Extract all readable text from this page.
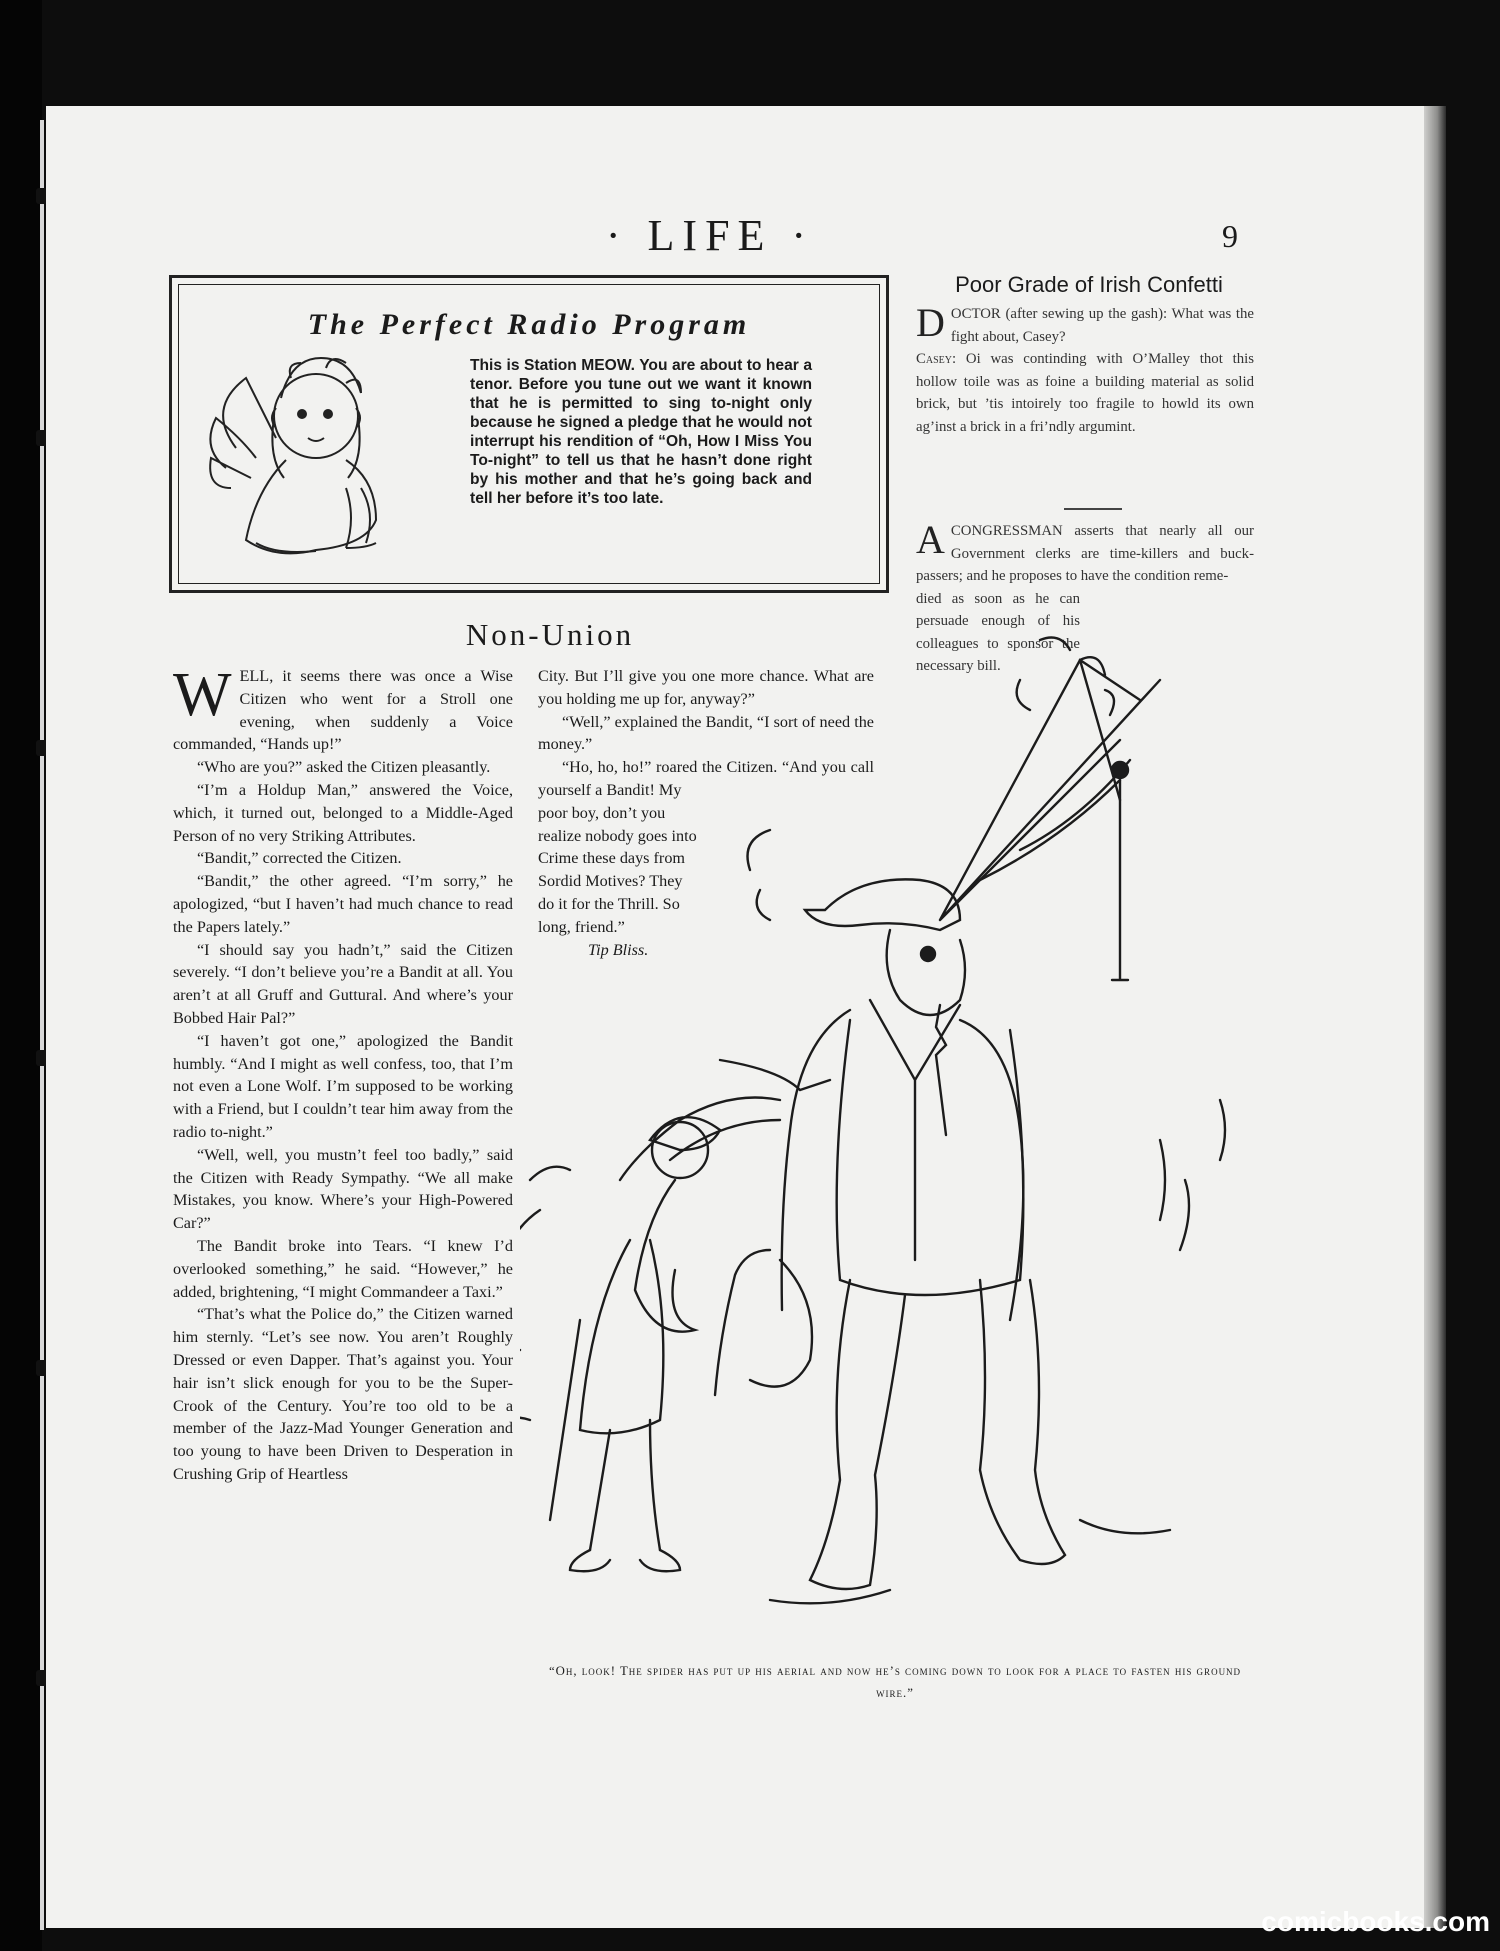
· LIFE ·	9
The Perfect Radio Program
This is Station MEOW. You are about to hear a tenor. Before you tune out we want it known that he is permitted to sing to-night only because he signed a pledge that he would not interrupt his rendition of “Oh, How I Miss You To-night” to tell us that he hasn’t done right by his mother and that he’s going back and tell her before it’s too late.
Non-Union

WELL, it seems there was once a Wise Citizen who went for a Stroll one evening, when suddenly a Voice commanded, “Hands up!”

“Who are you?” asked the Citizen pleasantly.

“I’m a Holdup Man,” answered the Voice, which, it turned out, belonged to a Middle-Aged Person of no very Striking Attributes.

“Bandit,” corrected the Citizen.

“Bandit,” the other agreed. “I’m sorry,” he apologized, “but I haven’t had much chance to read the Papers lately.”

“I should say you hadn’t,” said the Citizen severely. “I don’t believe you’re a Bandit at all. You aren’t at all Gruff and Guttural. And where’s your Bobbed Hair Pal?”

“I haven’t got one,” apologized the Bandit humbly. “And I might as well confess, too, that I’m not even a Lone Wolf. I’m supposed to be working with a Friend, but I couldn’t tear him away from the radio to-night.”

“Well, well, you mustn’t feel too badly,” said the Citizen with Ready Sympathy. “We all make Mistakes, you know. Where’s your High-Powered Car?”

The Bandit broke into Tears. “I knew I’d overlooked something,” he said. “However,” he added, brightening, “I might Commandeer a Taxi.”

“That’s what the Police do,” the Citizen warned him sternly. “Let’s see now. You aren’t Roughly Dressed or even Dapper. That’s against you. Your hair isn’t slick enough for you to be the Super-Crook of the Century. You’re too old to be a member of the Jazz-Mad Younger Generation and too young to have been Driven to Desperation in Crushing Grip of Heartless

City. But I’ll give you one more chance. What are you holding me up for, anyway?”

“Well,” explained the Bandit, “I sort of need the money.”

“Ho, ho, ho!” roared the Citizen. “And you call yourself a Bandit! My

poor boy, don’t you realize nobody goes into Crime these days from Sordid Motives? They do it for the Thrill. So long, friend.”

Tip Bliss.

Poor Grade of Irish Confetti

DOCTOR (after sewing up the gash): What was the fight about, Casey?

Casey: Oi was continding with O’Malley thot this hollow toile was as foine a building material as solid brick, but ’tis intoirely too fragile to howld its own ag’inst a brick in a fri’ndly argumint.

ACONGRESSMAN asserts that nearly all our Government clerks are time-killers and buck-passers; and he proposes to have the condition reme-

died as soon as he can persuade enough of his colleagues to sponsor the necessary bill.

“Oh, look! The spider has put up his aerial and now he’s coming down to look for a place to fasten his ground wire.”
comicbooks.com
